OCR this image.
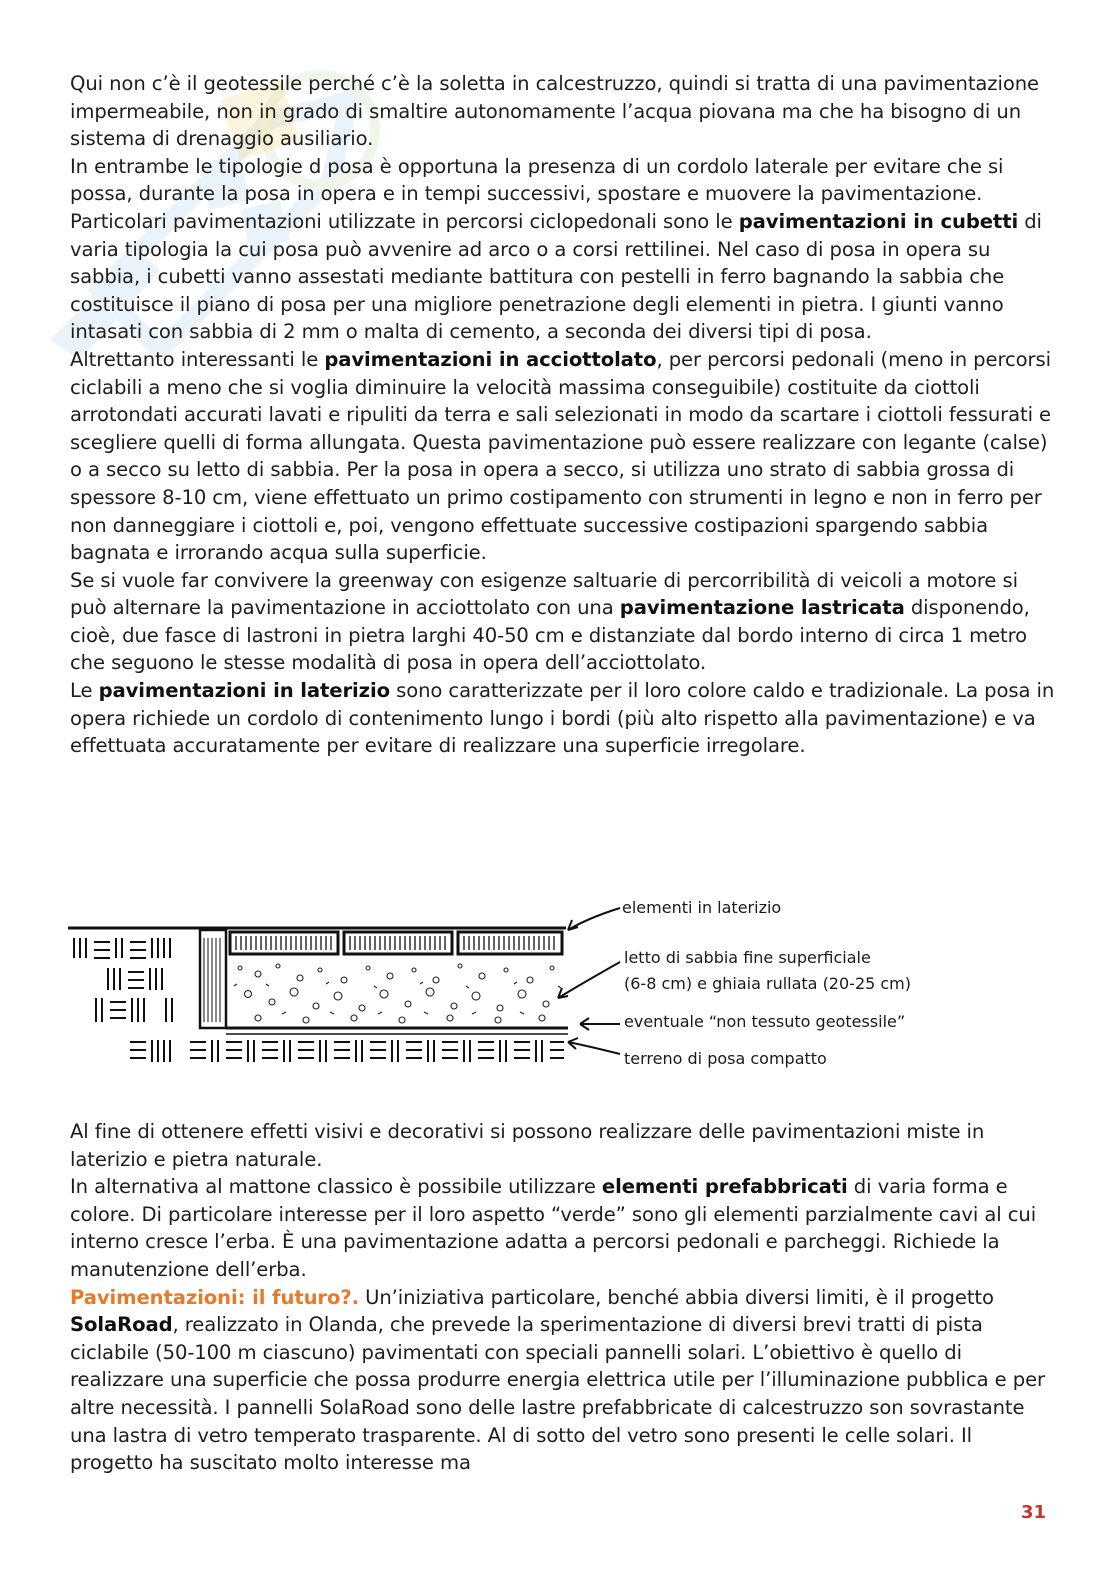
Qui non c’è il geotessile perché c’è la soletta in calcestruzzo, quindi si tratta di una pavimentazione impermeabile, non in grado di smaltire autonomamente l’acqua piovana ma che ha bisogno di un sistema di drenaggio ausiliario.

In entrambe le tipologie d posa è opportuna la presenza di un cordolo laterale per evitare che si possa, durante la posa in opera e in tempi successivi, spostare e muovere la pavimentazione.

Particolari pavimentazioni utilizzate in percorsi ciclopedonali sono le pavimentazioni in cubetti di varia tipologia la cui posa può avvenire ad arco o a corsi rettilinei. Nel caso di posa in opera su sabbia, i cubetti vanno assestati mediante battitura con pestelli in ferro bagnando la sabbia che costituisce il piano di posa per una migliore penetrazione degli elementi in pietra. I giunti vanno intasati con sabbia di 2 mm o malta di cemento, a seconda dei diversi tipi di posa.

Altrettanto interessanti le pavimentazioni in acciottolato, per percorsi pedonali (meno in percorsi ciclabili a meno che si voglia diminuire la velocità massima conseguibile) costituite da ciottoli arrotondati accurati lavati e ripuliti da terra e sali selezionati in modo da scartare i ciottoli fessurati e scegliere quelli di forma allungata. Questa pavimentazione può essere realizzare con legante (calse) o a secco su letto di sabbia. Per la posa in opera a secco, si utilizza uno strato di sabbia grossa di spessore 8-10 cm, viene effettuato un primo costipamento con strumenti in legno e non in ferro per non danneggiare i ciottoli e, poi, vengono effettuate successive costipazioni spargendo sabbia bagnata e irrorando acqua sulla superficie.

Se si vuole far convivere la greenway con esigenze saltuarie di percorribilità di veicoli a motore si può alternare la pavimentazione in acciottolato con una pavimentazione lastricata disponendo, cioè, due fasce di lastroni in pietra larghi 40-50 cm e distanziate dal bordo interno di circa 1 metro che seguono le stesse modalità di posa in opera dell’acciottolato.

Le pavimentazioni in laterizio sono caratterizzate per il loro colore caldo e tradizionale. La posa in opera richiede un cordolo di contenimento lungo i bordi (più alto rispetto alla pavimentazione) e va effettuata accuratamente per evitare di realizzare una superficie irregolare.

elementi in laterizio
letto di sabbia fine superficiale
(6-8 cm) e ghiaia rullata (20-25 cm)
eventuale “non tessuto geotessile”
terreno di posa compatto

Al fine di ottenere effetti visivi e decorativi si possono realizzare delle pavimentazioni miste in laterizio e pietra naturale.

In alternativa al mattone classico è possibile utilizzare elementi prefabbricati di varia forma e colore. Di particolare interesse per il loro aspetto “verde” sono gli elementi parzialmente cavi al cui interno cresce l’erba. È una pavimentazione adatta a percorsi pedonali e parcheggi. Richiede la manutenzione dell’erba.

Pavimentazioni: il futuro?. Un’iniziativa particolare, benché abbia diversi limiti, è il progetto SolaRoad, realizzato in Olanda, che prevede la sperimentazione di diversi brevi tratti di pista ciclabile (50-100 m ciascuno) pavimentati con speciali pannelli solari. L’obiettivo è quello di realizzare una superficie che possa produrre energia elettrica utile per l’illuminazione pubblica e per altre necessità. I pannelli SolaRoad sono delle lastre prefabbricate di calcestruzzo son sovrastante una lastra di vetro temperato trasparente. Al di sotto del vetro sono presenti le celle solari. Il progetto ha suscitato molto interesse ma

31
